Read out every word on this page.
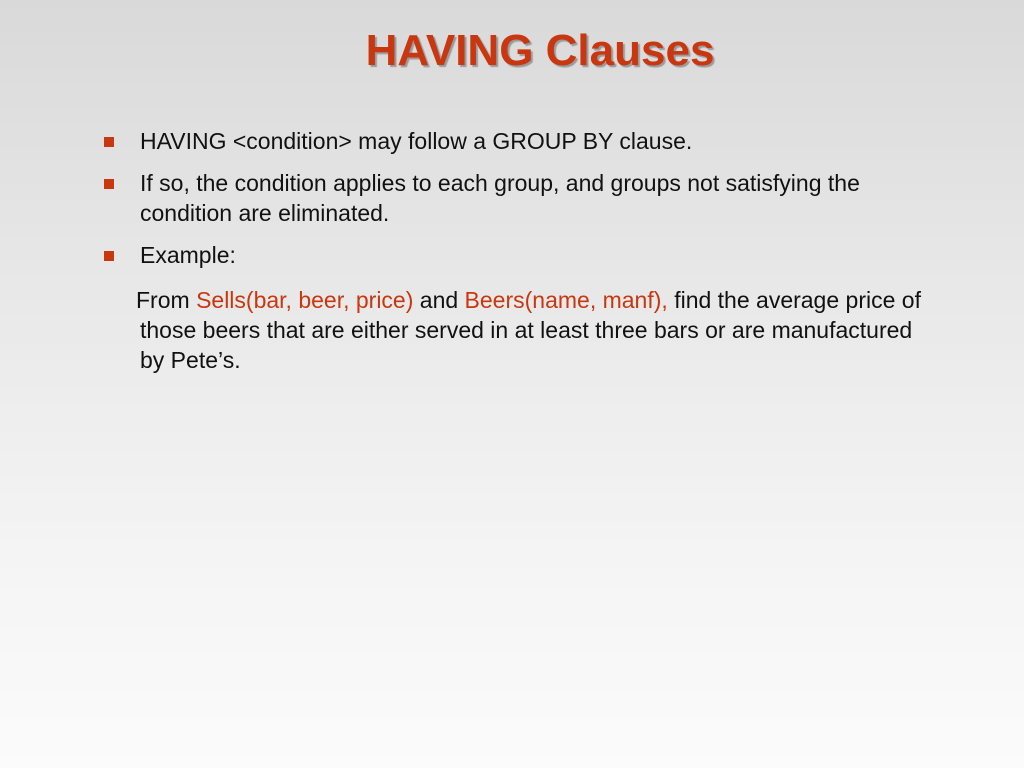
HAVING Clauses
HAVING <condition> may follow a GROUP BY clause.
If so, the condition applies to each group, and groups not satisfying the condition are eliminated.
Example:

From Sells(bar, beer, price) and Beers(name, manf), find the average price of those beers that are either served in at least three bars or are manufactured by Pete’s.
